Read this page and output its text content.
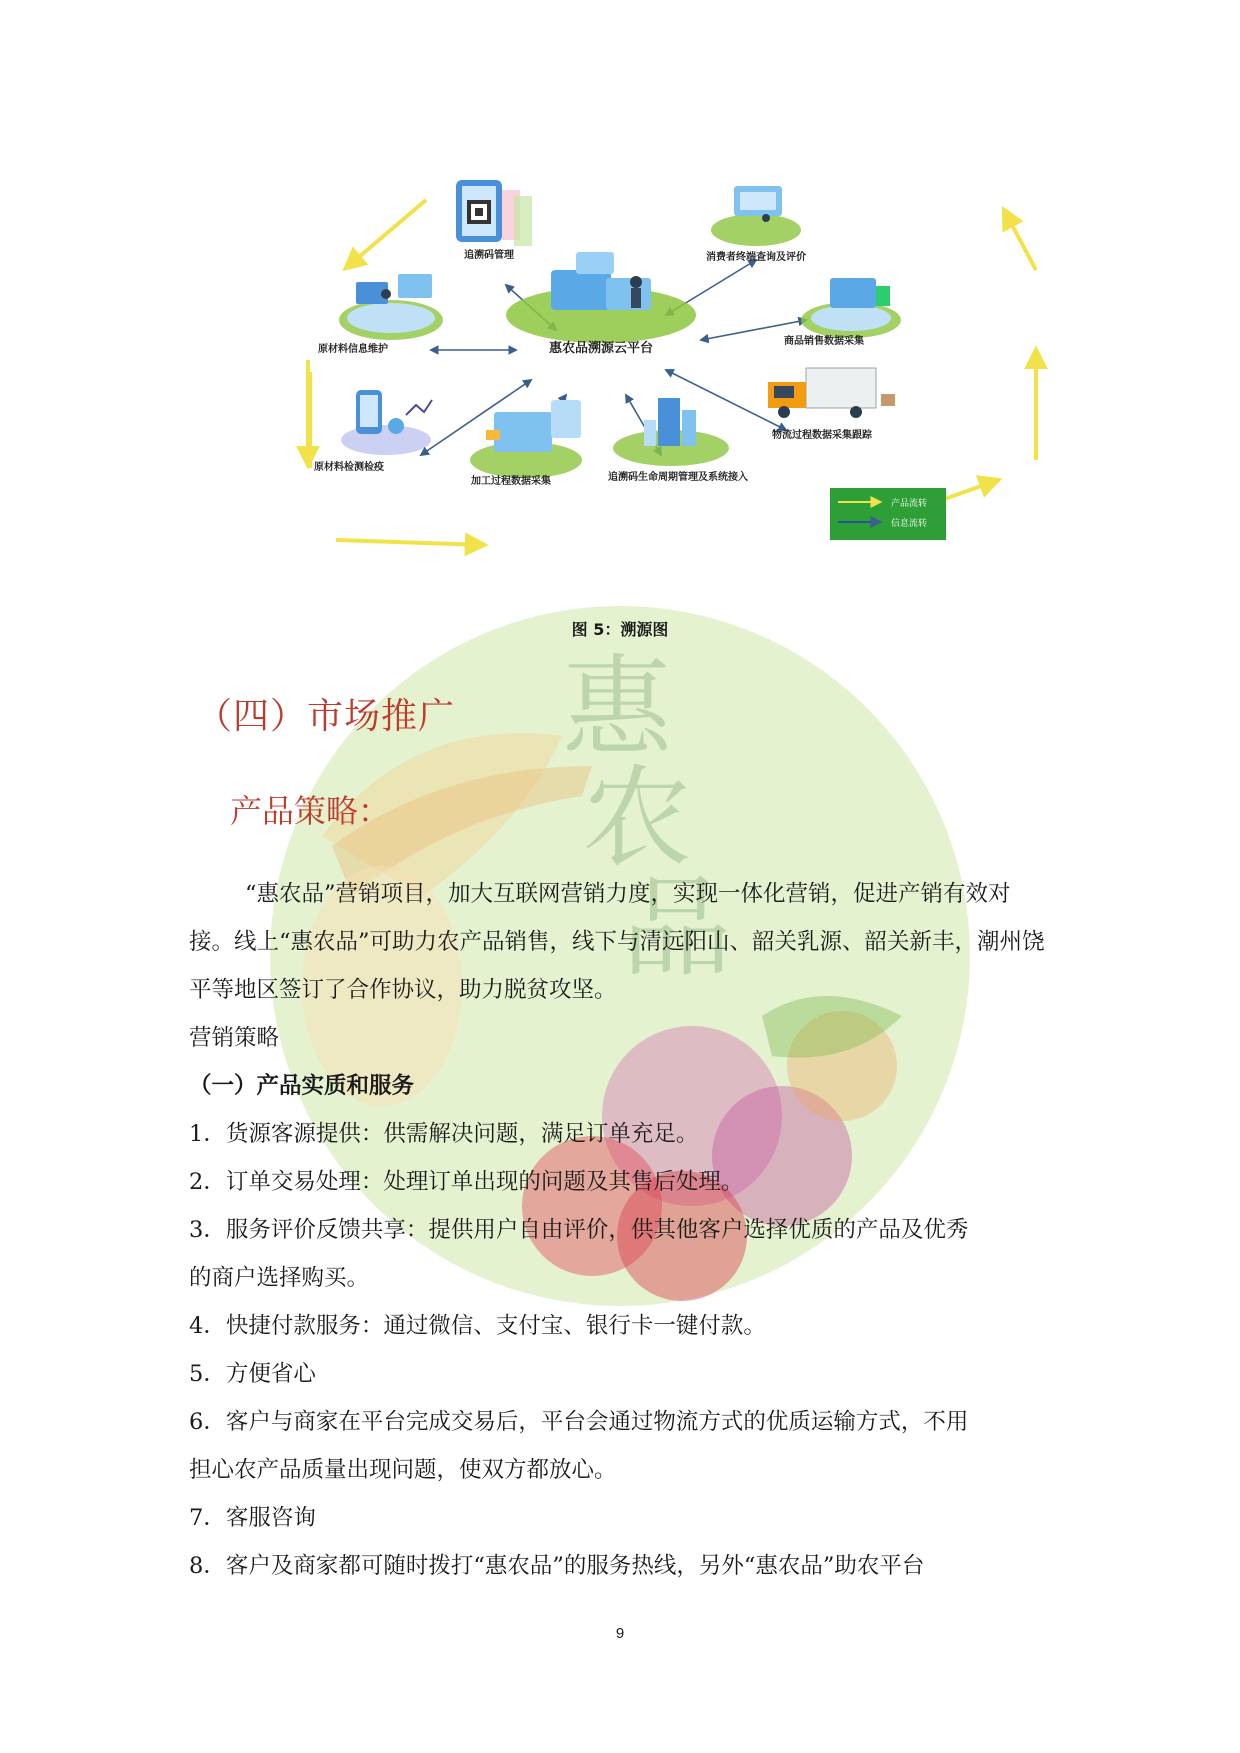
惠
农
品
惠农品溯源云平台
追溯码管理
原材料信息维护
原材料检测检疫
加工过程数据采集	追溯码生命周期管理及系统接入
物流过程数据采集跟踪
商品销售数据采集
消费者终端查询及评价
产品流转
信息流转
图 5：溯源图
（四）市场推广
产品策略：
“惠农品”营销项目，加大互联网营销力度，实现一体化营销，促进产销有效对接。线上“惠农品”可助力农产品销售，线下与清远阳山、韶关乳源、韶关新丰，潮州饶平等地区签订了合作协议，助力脱贫攻坚。
营销策略
（一）产品实质和服务
1．货源客源提供：供需解决问题，满足订单充足。
2．订单交易处理：处理订单出现的问题及其售后处理。
3．服务评价反馈共享：提供用户自由评价，供其他客户选择优质的产品及优秀
的商户选择购买。
4．快捷付款服务：通过微信、支付宝、银行卡一键付款。
5．方便省心
6．客户与商家在平台完成交易后，平台会通过物流方式的优质运输方式，不用
担心农产品质量出现问题，使双方都放心。
7．客服咨询
8．客户及商家都可随时拨打“惠农品”的服务热线，另外“惠农品”助农平台
9
